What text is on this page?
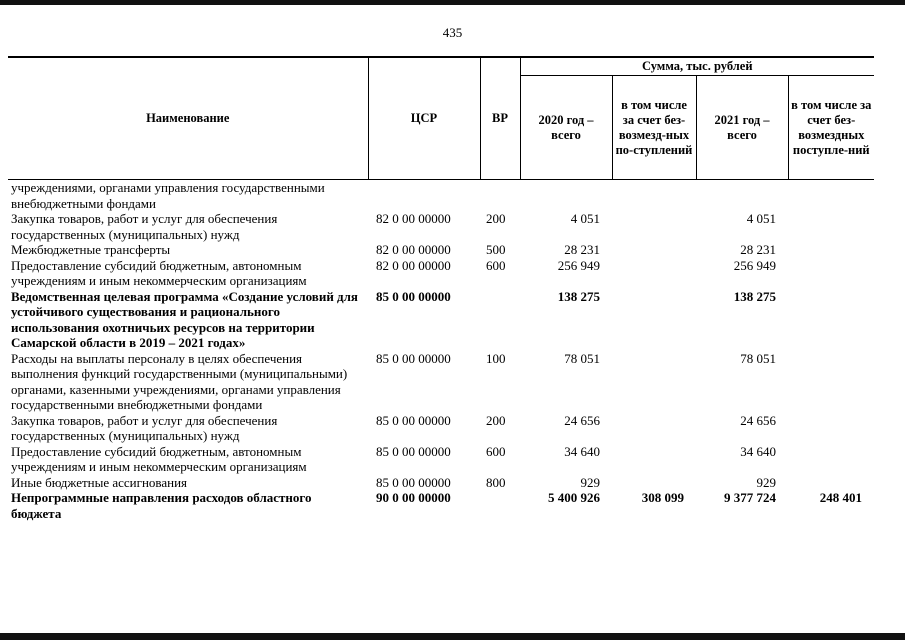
435
Наименование	ЦСР	ВР	Сумма, тыс. рублей			
			2020 год – всего	в том числе за счет без-возмезд-ных по-ступлений	2021 год – всего	в том числе за счет без-возмездных поступле-ний
учреждениями, органами управления государственными внебюджетными фондами						
Закупка товаров, работ и услуг для обеспечения государственных (муниципальных) нужд	82 0 00 00000	200	4 051		4 051	
Межбюджетные трансферты	82 0 00 00000	500	28 231		28 231	
Предоставление субсидий бюджетным, автономным учреждениям и иным некоммерческим организациям	82 0 00 00000	600	256 949		256 949	
Ведомственная целевая программа «Создание условий для устойчивого существования и рационального использования охотничьих ресурсов на территории Самарской области в 2019 – 2021 годах»	85 0 00 00000		138 275		138 275	
Расходы на выплаты персоналу в целях обеспечения выполнения функций государственными (муниципальными) органами, казенными учреждениями, органами управления государственными внебюджетными фондами	85 0 00 00000	100	78 051		78 051	
Закупка товаров, работ и услуг для обеспечения государственных (муниципальных) нужд	85 0 00 00000	200	24 656		24 656	
Предоставление субсидий бюджетным, автономным учреждениям и иным некоммерческим организациям	85 0 00 00000	600	34 640		34 640	
Иные бюджетные ассигнования	85 0 00 00000	800	929		929	
Непрограммные направления расходов областного бюджета	90 0 00 00000		5 400 926	308 099	9 377 724	248 401
